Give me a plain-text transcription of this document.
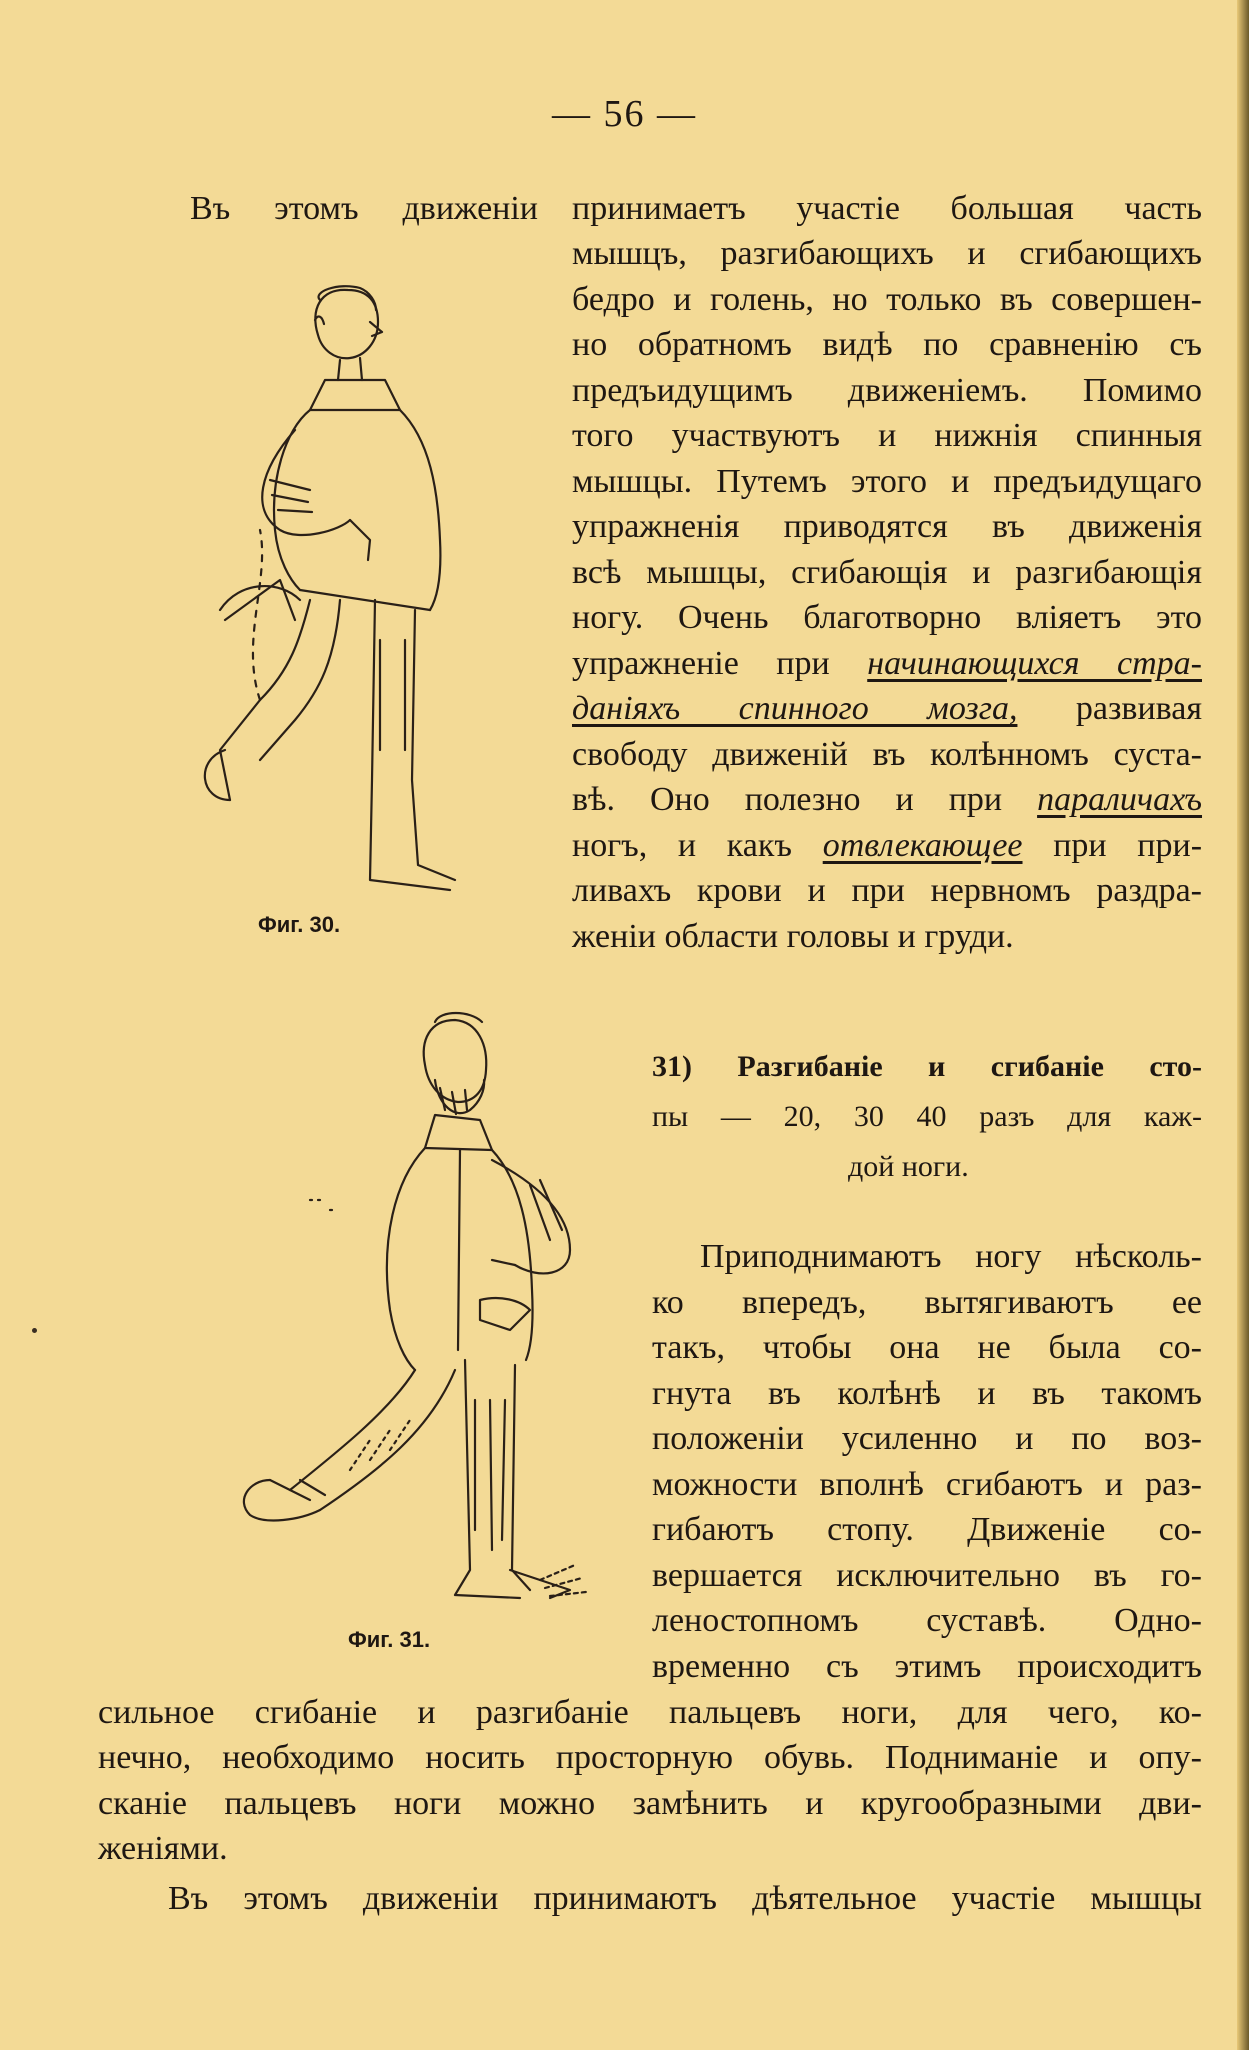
— 56 —
Въ этомъ движеніи принимаетъ участіе большая часть
мышцъ, разгибающихъ и сгибающихъ
бедро и голень, но только въ совершен-
но обратномъ видѣ по сравненію съ
предъидущимъ движеніемъ. Помимо
того участвуютъ и нижнія спинныя
мышцы. Путемъ этого и предъидущаго
упражненія приводятся въ движенія
всѣ мышцы, сгибающія и разгибающія
ногу. Очень благотворно вліяетъ это
упражненіе при начинающихся стра-
даніяхъ спинного мозга, развивая
свободу движеній въ колѣнномъ суста-
вѣ. Оно полезно и при параличахъ
ногъ, и какъ отвлекающее при при-
ливахъ крови и при нервномъ раздра-
женіи области головы и груди.
Фиг. 30.
31) Разгибаніе и сгибаніе сто-
пы — 20, 30 40 разъ для каж-
дой ноги.
Приподнимаютъ ногу нѣсколь-
ко впередъ, вытягиваютъ ее
такъ, чтобы она не была со-
гнута въ колѣнѣ и въ такомъ
положеніи усиленно и по воз-
можности вполнѣ сгибаютъ и раз-
гибаютъ стопу. Движеніе со-
вершается исключительно въ го-
леностопномъ суставѣ. Одно-
временно съ этимъ происходитъ
Фиг. 31.
сильное сгибаніе и разгибаніе пальцевъ ноги, для чего, ко-
нечно, необходимо носить просторную обувь. Подниманіе и опу-
сканіе пальцевъ ноги можно замѣнить и кругообразными дви-
женіями.
Въ этомъ движеніи принимаютъ дѣятельное участіе мышцы
